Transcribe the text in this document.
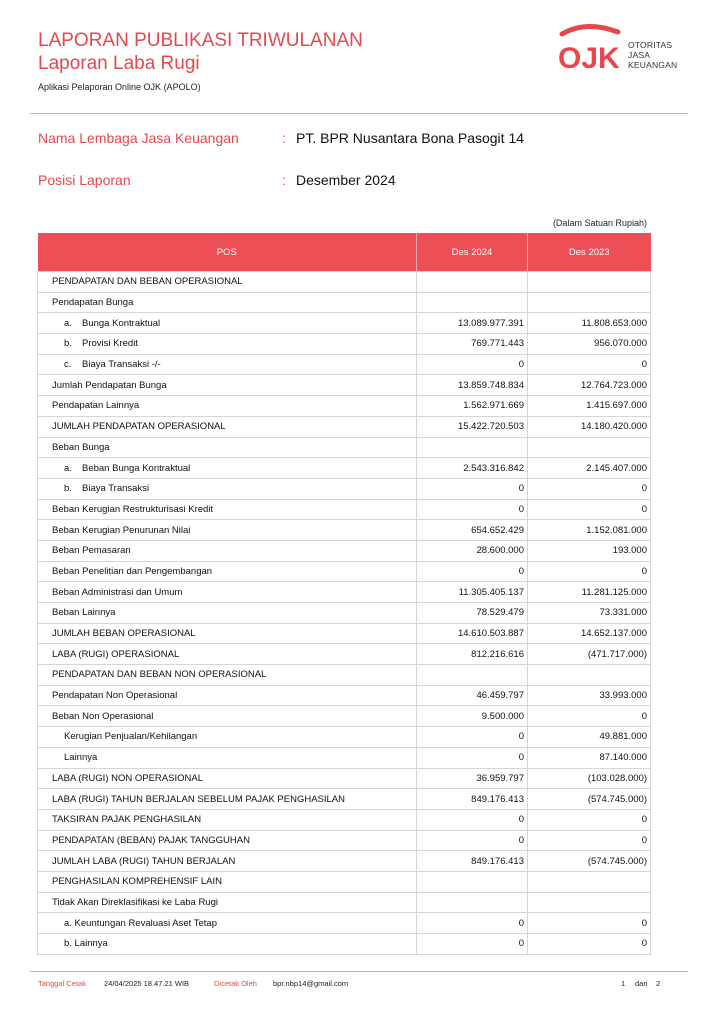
LAPORAN PUBLIKASI TRIWULANAN
Laporan Laba Rugi
Aplikasi Pelaporan Online OJK (APOLO)
OJK OTORITAS
JASA
KEUANGAN
Nama Lembaga Jasa Keuangan	: PT. BPR Nusantara Bona Pasogit 14
Posisi Laporan	: Desember 2024
(Dalam Satuan Rupiah)
POS	Des 2024	Des 2023
PENDAPATAN DAN BEBAN OPERASIONAL		
Pendapatan Bunga		
a. Bunga Kontraktual	13.089.977.391	11.808.653.000
b. Provisi Kredit	769.771.443	956.070.000
c. Biaya Transaksi -/-	0	0
Jumlah Pendapatan Bunga	13.859.748.834	12.764.723.000
Pendapatan Lainnya	1.562.971.669	1.415.697.000
JUMLAH PENDAPATAN OPERASIONAL	15.422.720.503	14.180.420.000
Beban Bunga		
a. Beban Bunga Kontraktual	2.543.316.842	2.145.407.000
b. Biaya Transaksi	0	0
Beban Kerugian Restrukturisasi Kredit	0	0
Beban Kerugian Penurunan Nilai	654.652.429	1.152.081.000
Beban Pemasaran	28.600.000	193.000
Beban Penelitian dan Pengembangan	0	0
Beban Administrasi dan Umum	11.305.405.137	11.281.125.000
Beban Lainnya	78.529.479	73.331.000
JUMLAH BEBAN OPERASIONAL	14.610.503.887	14.652.137.000
LABA (RUGI) OPERASIONAL	812.216.616	(471.717.000)
PENDAPATAN DAN BEBAN NON OPERASIONAL		
Pendapatan Non Operasional	46.459.797	33.993.000
Beban Non Operasional	9.500.000	0
Kerugian Penjualan/Kehilangan	0	49.881.000
Lainnya	0	87.140.000
LABA (RUGI) NON OPERASIONAL	36.959.797	(103.028.000)
LABA (RUGI) TAHUN BERJALAN SEBELUM PAJAK PENGHASILAN	849.176.413	(574.745.000)
TAKSIRAN PAJAK PENGHASILAN	0	0
PENDAPATAN (BEBAN) PAJAK TANGGUHAN	0	0
JUMLAH LABA (RUGI) TAHUN BERJALAN	849.176.413	(574.745.000)
PENGHASILAN KOMPREHENSIF LAIN		
Tidak Akan Direklasifikasi ke Laba Rugi		
a. Keuntungan Revaluasi Aset Tetap	0	0
b. Lainnya	0	0
Tanggal Cetak 24/04/2025 18.47.21 WIB	Dicetak Oleh bpr.nbp14@gmail.com	1 dari 2
